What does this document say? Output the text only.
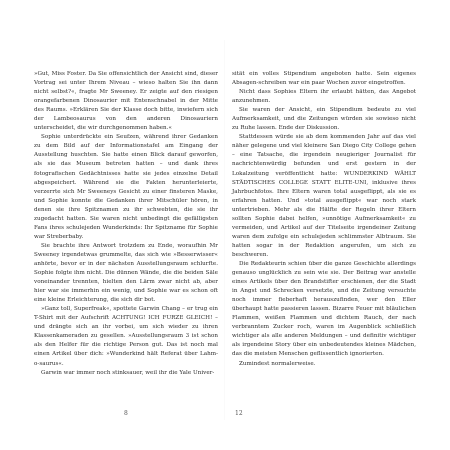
»Gut, Miss Foster. Da Sie offensichtlich der Ansicht sind, dieser Vortrag sei unter Ihrem Niveau – wieso halten Sie ihn dann nicht selbst?«, fragte Mr Sweeney. Er zeigte auf den riesigen orangefarbenen Dinosaurier mit Entenschnabel in der Mitte des Raums. »Erklären Sie der Klasse doch bitte, inwiefern sich der Lambeosaurus von den anderen Dinosauriern unterscheidet, die wir durchgenommen haben.«

Sophie unterdrückte ein Seufzen, während ihrer Gedanken zu dem Bild auf der Informationstafel am Eingang der Ausstellung huschten. Sie hatte einen Blick darauf geworfen, als sie das Museum betreten hatten – und dank ihres fotografischen Gedächtnisses hatte sie jedes einzelne Detail abgespeichert. Während sie die Fakten herunterleierte, verzerrte sich Mr Sweeneys Gesicht zu einer finsteren Maske, und Sophie konnte die Gedanken ihrer Mitschüler hören, in denen sie ihre Spitznamen zu ihr schwebten, die sie ihr zugedacht hatten. Sie waren nicht unbedingt die gefälligsten Fans ihres schulejeden Wunderkinds: Ihr Spitzname für Sophie war Streberbaby.

Sie brachte ihre Antwort trotzdem zu Ende, woraufhin Mr Sweeney irgendetwas grummelte, das sich wie »Besserwisser« anhörte, bevor er in der nächsten Ausstellungsraum schlurfte. Sophie folgte ihm nicht. Die dünnen Wände, die die beiden Säle voneinander trennten, hielten den Lärm zwar nicht ab, aber hier war sie immerhin ein wenig, und Sophie war es schon oft eine kleine Erleichterung, die sich dir bot.

»Ganz toll, Superfreak«, spottete Garwin Chang – er trug ein T-Shirt mit der Aufschrift ACHTUNG! ICH FURZE GLEICH! – und drängte sich an ihr vorbei, um sich wieder zu ihren Klassenkameraden zu gesellen. »Ausstellungsraum 3 ist schon als den Helfer für die richtige Person gut. Das ist noch mal einen Artikel über dich: »Wunderkind hält Referat über Lahm-o-saurus«.

Garwin war immer noch stinksauer, weil ihr die Yale Univer-

8

sität ein volles Stipendium angeboten hatte. Sein eigenes Absagen-schreiben war ein paar Wochen zuvor eingetroffen.

Nicht dass Sophies Eltern ihr erlaubt hätten, das Angebot anzunehmen.

Sie waren der Ansicht, ein Stipendium bedeute zu viel Aufmerksamkeit, und die Zeitungen würden sie sowieso nicht zu Ruhe lassen. Ende der Diskussion.

Stattdessen würde sie ab dem kommenden Jahr auf das viel näher gelegene und viel kleinere San Diego City College gehen – eine Tatsache, die irgendein neugieriger Journalist für nachrichtenwürdig befunden und erst gestern in der Lokalzeitung veröffentlicht hatte: WUNDERKIND WÄHLT STÄDTISCHES COLLEGE STATT ELITE-UNI, inklusive ihres Jahrbuchfotos. Ihre Eltern waren total ausgeflippt, als sie es erfahren hatten. Und »total ausgeflippt« war noch stark untertrieben. Mehr als die Hälfte der Regeln ihrer Eltern sollten Sophie dabei helfen, »unnötige Aufmerksamkeit« zu vermeiden, und Artikel auf der Titelseite irgendeiner Zeitung waren dem zufolge ein schulejeden schlimmster Albtraum. Sie hatten sogar in der Redaktion angerufen, um sich zu beschweren.

Die Redakteurin schien über die ganze Geschichte allerdings genauso unglücklich zu sein wie sie. Der Beitrag war anstelle eines Artikels über den Brandstifter erschienen, der die Stadt in Angst und Schrecken versetzte, und die Zeitung versuchte noch immer fieberhaft herauszufinden, wer den Eller überhaupt hatte passieren lassen. Bizarre Feuer mit bläulichen Flammen, weißen Flammen und dichtem Rauch, der nach verbranntem Zucker roch, waren im Augenblick schließlich wichtiger als alle anderen Meldungen – und definitiv wichtiger als irgendeine Story über ein unbedeutendes kleines Mädchen, das die meisten Menschen geflissentlich ignorierten.

Zumindest normalerweise.

12
